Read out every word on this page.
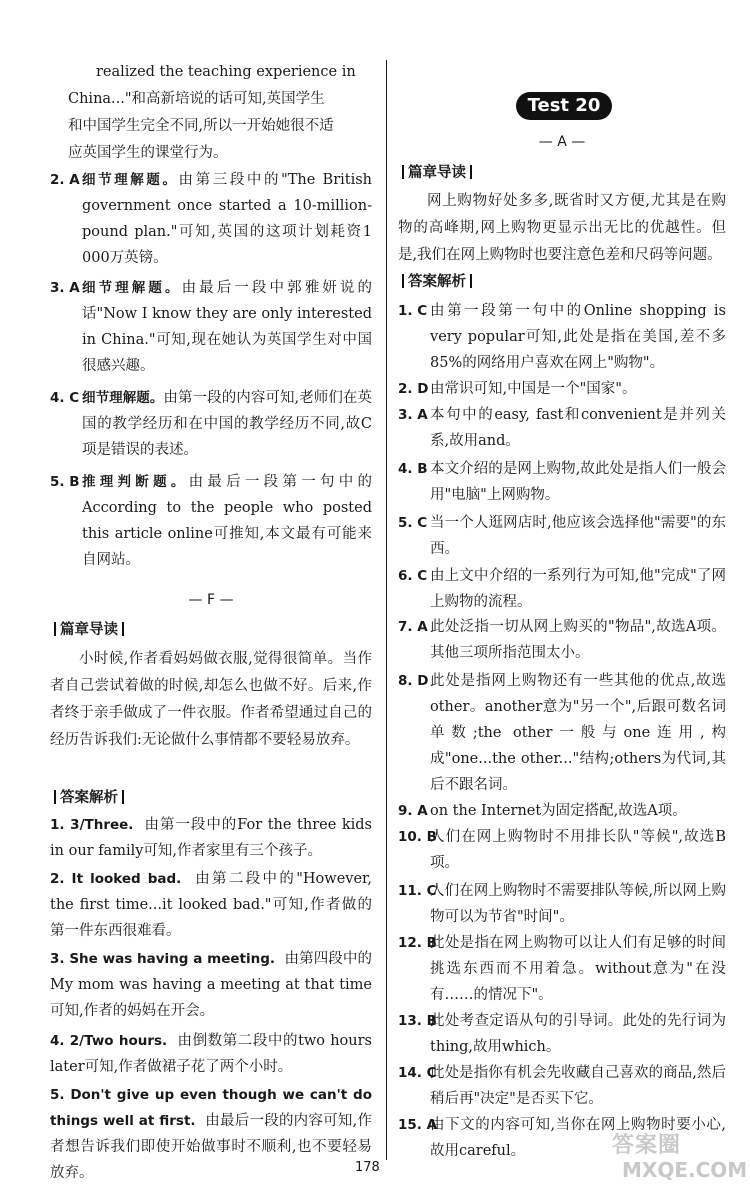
realized the teaching experience in
China..."和高新培说的话可知,英国学生
和中国学生完全不同,所以一开始她很不适
应英国学生的课堂行为。
2. A 细节理解题。由第三段中的"The British government once started a 10-million-pound plan."可知,英国的这项计划耗资1 000万英镑。
3. A 细节理解题。由最后一段中郭雅妍说的话"Now I know they are only interested in China."可知,现在她认为英国学生对中国很感兴趣。
4. C 细节理解题。由第一段的内容可知,老师们在英国的教学经历和在中国的教学经历不同,故C项是错误的表述。
5. B 推理判断题。由最后一段第一句中的According to the people who posted this article online可推知,本文最有可能来自网站。
— F —
篇章导读
小时候,作者看妈妈做衣服,觉得很简单。当作者自己尝试着做的时候,却怎么也做不好。后来,作者终于亲手做成了一件衣服。作者希望通过自己的经历告诉我们:无论做什么事情都不要轻易放弃。
答案解析
1. 3/Three. 由第一段中的For the three kids in our family可知,作者家里有三个孩子。
2. It looked bad. 由第二段中的"However, the first time...it looked bad."可知,作者做的第一件东西很难看。
3. She was having a meeting. 由第四段中的My mom was having a meeting at that time可知,作者的妈妈在开会。
4. 2/Two hours. 由倒数第二段中的two hours later可知,作者做裙子花了两个小时。
5. Don't give up even though we can't do things well at first. 由最后一段的内容可知,作者想告诉我们即使开始做事时不顺利,也不要轻易放弃。
Test 20
— A —
篇章导读
网上购物好处多多,既省时又方便,尤其是在购物的高峰期,网上购物更显示出无比的优越性。但是,我们在网上购物时也要注意色差和尺码等问题。
答案解析
1. C 由第一段第一句中的Online shopping is very popular可知,此处是指在美国,差不多85%的网络用户喜欢在网上"购物"。
2. D 由常识可知,中国是一个"国家"。
3. A 本句中的easy, fast和convenient是并列关系,故用and。
4. B 本文介绍的是网上购物,故此处是指人们一般会用"电脑"上网购物。
5. C 当一个人逛网店时,他应该会选择他"需要"的东西。
6. C 由上文中介绍的一系列行为可知,他"完成"了网上购物的流程。
7. A 此处泛指一切从网上购买的"物品",故选A项。其他三项所指范围太小。
8. D 此处是指网上购物还有一些其他的优点,故选other。another意为"另一个",后跟可数名词单数;the other一般与one连用,构成"one...the other..."结构;others为代词,其后不跟名词。
9. A on the Internet为固定搭配,故选A项。
10. B
人们在网上购物时不用排长队"等候",故选B项。
11. C
人们在网上购物时不需要排队等候,所以网上购物可以为节省"时间"。
12. B
此处是指在网上购物可以让人们有足够的时间挑选东西而不用着急。without意为"在没有……的情况下"。
13. B
此处考查定语从句的引导词。此处的先行词为thing,故用which。
14. C
此处是指你有机会先收藏自己喜欢的商品,然后稍后再"决定"是否买下它。
15. A
由下文的内容可知,当你在网上购物时要小心,故用careful。
178
答案圈
MXQE.COM
